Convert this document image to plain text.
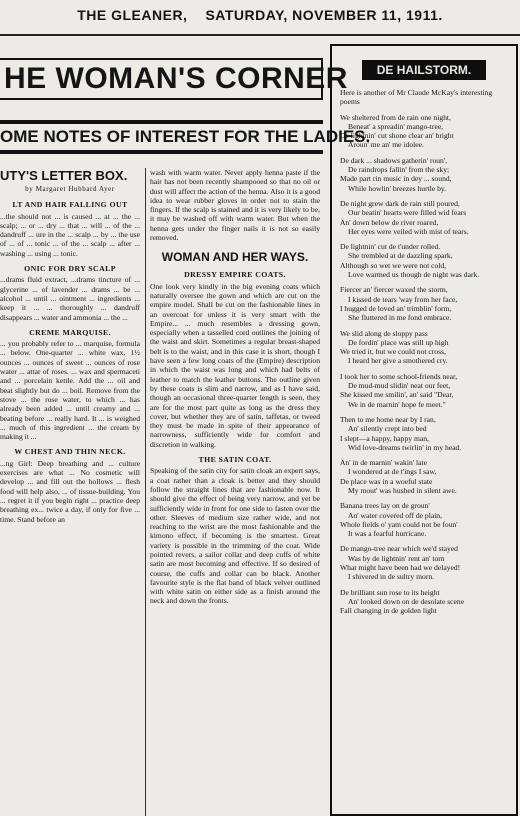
THE GLEANER, SATURDAY, NOVEMBER 11, 1911.
HE WOMAN'S CORNER
OME NOTES OF INTEREST FOR THE LADIES.
UTY'S LETTER BOX.
by Margaret Hubbard Ayer
LT AND HAIR FALLING OUT
...the should not ... is caused ... at ... the ... scalp; ... or ... dry ... that ... will ... of the ... dandruff ... ure in the ... scalp ... by ... the use of ... of ... tonic ... of the ... scalp ... after ... washing ... using ... tonic.
ONIC FOR DRY SCALP
...drams fluid extract, ...drams tincture of ... glycerine ... of lavender ... drams ... be ... alcohol ... until ... ointment ... ingredients ... keep it ... ... thoroughly ... dandruff disappears ... water and ammonia ... the ...
CREME MARQUISE.
... you probably refer to ... marquise, formula ... below. One-quarter ... white wax, 1½ ounces ... ounces of sweet ... ounces of rose water ... attar of roses. ... wax and spermaceti and ... porcelain kettle. Add the ... oil and beat slightly but do ... boil. Remove from the stove ... the rose water, to which ... has already been added ... until creamy and ... beating before ... really hard. It ... is weighed ... much of this ingredient ... the cream by making it ...
W CHEST AND THIN NECK.
...ng Girl: Deep breathing and ... culture exercises are what ... No cosmetic will develop ... and fill out the hollows ... flesh food will help also, ... of tissue-building. You ... regret it if you begin right ... practice deep breathing ex... twice a day, if only for five ... time. Stand before an
wash with warm water. Never apply henna paste if the hair has not been recently shampooed so that no oil or dust will affect the action of the henna. Also it is a good idea to wear rubber gloves in order not to stain the fingers. If the scalp is stained and it is very likely to be, it may be washed off with warm water. But when the henna gets under the finger nails it is not so easily removed.
WOMAN AND HER WAYS.
DRESSY EMPIRE COATS.
One look very kindly in the big evening coats which naturally oversee the gown and which are cut on the empire model. Shall be cut on the fashionable lines in an overcoat for unless it is very smart with the Empire... ... much resembles a dressing gown, especially when a tasselled cord outlines the joining of the waist and skirt. Sometimes a regular breast-shaped belt is to the waist, and in this case it is short, though I have seen a few long coats of the (Empire) description in which the waist was long and which had belts of leather to match the leather buttons. The outline given by these coats is slim and narrow, and as I have said, though an occasional three-quarter length is seen, they are for the most part quite as long as the dress they cover, but whether they are of satin, taffetas, or tweed they must be made in spite of their appearance of narrowness, sufficiently wide for comfort and discretion in walking.
THE SATIN COAT.
Speaking of the satin city for satin cloak an expert says, a coat rather than a cloak is better and they should follow the straight lines that are fashionable now. It should give the effect of being very narrow, and yet be sufficiently wide in front for one side to fasten over the other. Sleeves of medium size rather wide, and not reaching to the wrist are the most fashionable and the kimono effect, if becoming is the smartest. Great variety is possible in the trimming of the coat. Wide pointed revers, a sailor collar and deep cuffs of white satin are most becoming and effective. If so desired of course, the cuffs and collar can be black. Another favourite style is the flat band of black velvet outlined with white satin on either side as a finish around the neck and down the fronts.
DE HAILSTORM.

Here is another of Mr Claude McKay's interesting poems

We sheltered from de rain one night,
Beneat' a spreadin' mango-tree,
De lightnin' cut shone clear an' bright
Aroun' me an' me idolee.

De dark ... shadows gatherin' roun',
De raindrops fallin' from the sky;
Made part rin music in dey ... sound,
While howlin' breezes hurtle by.

De night grew dark de rain still poured,
Our beatin' hearts were filled wid fears
An' down below de river roared,
Her eyes were veiled with mist of tears.

De lightnin' cut de t'under rolled.
She trembled at de dazzling spark,
Although so wet we were not cold,
Love warmed us though de night was dark.

Fiercer an' fiercer waxed the storm,
I kissed de tears 'way from her face,
I hugged de loved an' trimblin' form,
She fluttered in me fond embrace.

We slid along de sloppy pass
De fordin' place was still up high
We tried it, but we could not cross,
I heard her give a smothered cry.

I took her to some school-friends near,
De mud-mud slidin' neat our feet,
She kissed me smilin', an' said "Dear,
We in de marnin' hope fe meet."

Then to me home near by I ran,
An' silently crept into bed
I slept—a happy, happy man,
Wid love-dreams twirlin' in my head.

An' in de marnin' wakin' late
I wondered at de t'ings I saw,
De place was in a woeful state
My mout' was hushed in silent awe.

Banana trees lay on de groun'
An' water covered off de plain,
Whole fields o' yam could not be foun'
It was a fearful hurricane.

De mango-tree near which we'd stayed
Was by de lightnin' rent an' torn
What might have been had we delayed!
I shivered in de sultry morn.

De brilliant sun rose to its height
An' looked down on de desolate scene
Fall changing in de golden light
